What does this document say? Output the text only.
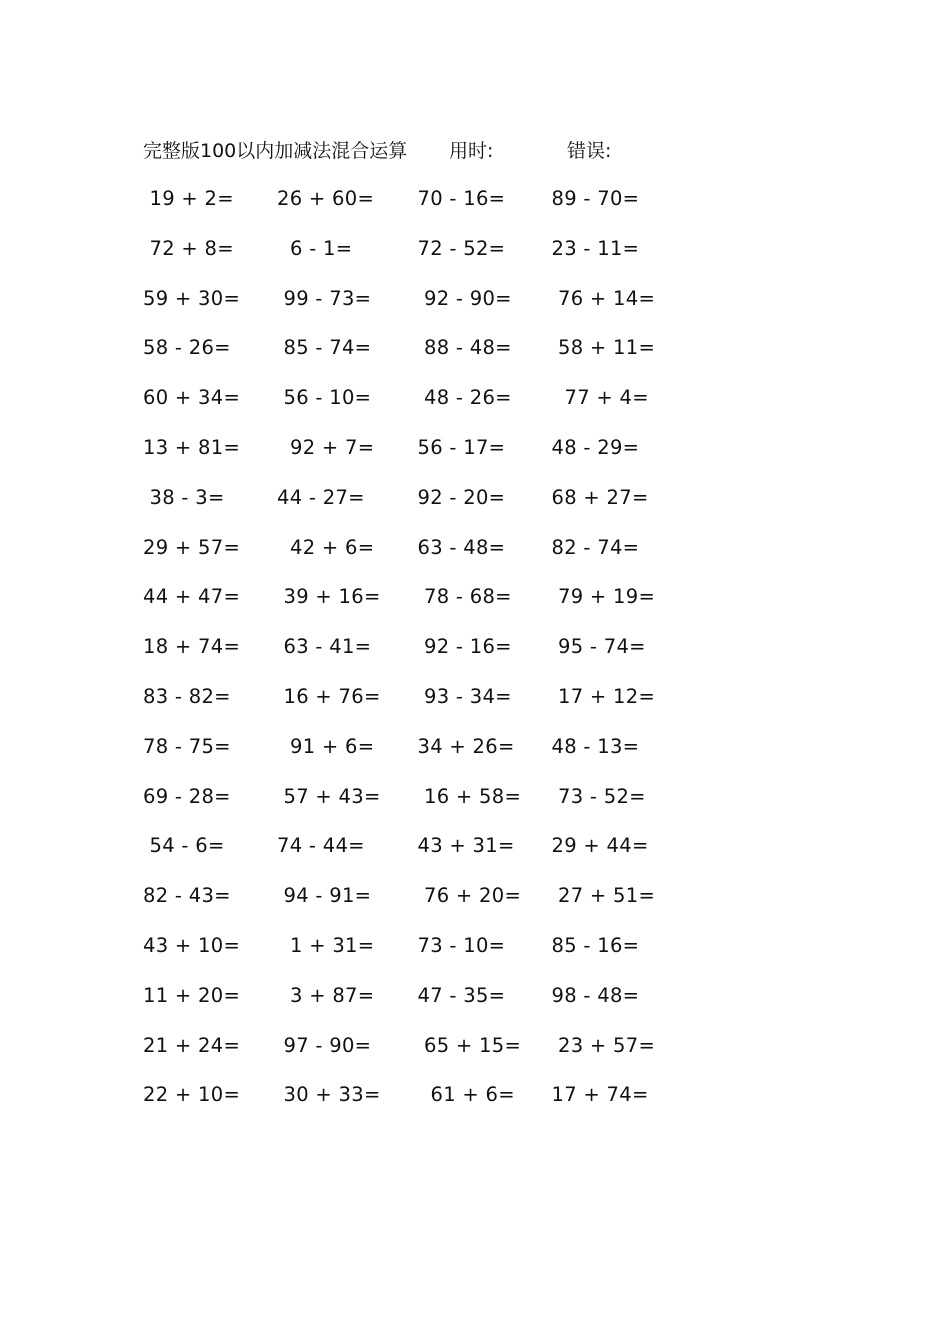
完整版100以内加减法混合运算 用时:	错误:
19 + 2=	26 + 60=	70 - 16=	89 - 70=
72 + 8=	6 - 1=	72 - 52=	23 - 11=
59 + 30=	99 - 73=	92 - 90=	76 + 14=
58 - 26=	85 - 74=	88 - 48=	58 + 11=
60 + 34=	56 - 10=	48 - 26=	77 + 4=
13 + 81=	92 + 7=	56 - 17=	48 - 29=
38 - 3=	44 - 27=	92 - 20=	68 + 27=
29 + 57=	42 + 6=	63 - 48=	82 - 74=
44 + 47=	39 + 16=	78 - 68=	79 + 19=
18 + 74=	63 - 41=	92 - 16=	95 - 74=
83 - 82=	16 + 76=	93 - 34=	17 + 12=
78 - 75=	91 + 6=	34 + 26=	48 - 13=
69 - 28=	57 + 43=	16 + 58=	73 - 52=
54 - 6=	74 - 44=	43 + 31=	29 + 44=
82 - 43=	94 - 91=	76 + 20=	27 + 51=
43 + 10=	1 + 31=	73 - 10=	85 - 16=
11 + 20=	3 + 87=	47 - 35=	98 - 48=
21 + 24=	97 - 90=	65 + 15=	23 + 57=
22 + 10=	30 + 33=	61 + 6=	17 + 74=
